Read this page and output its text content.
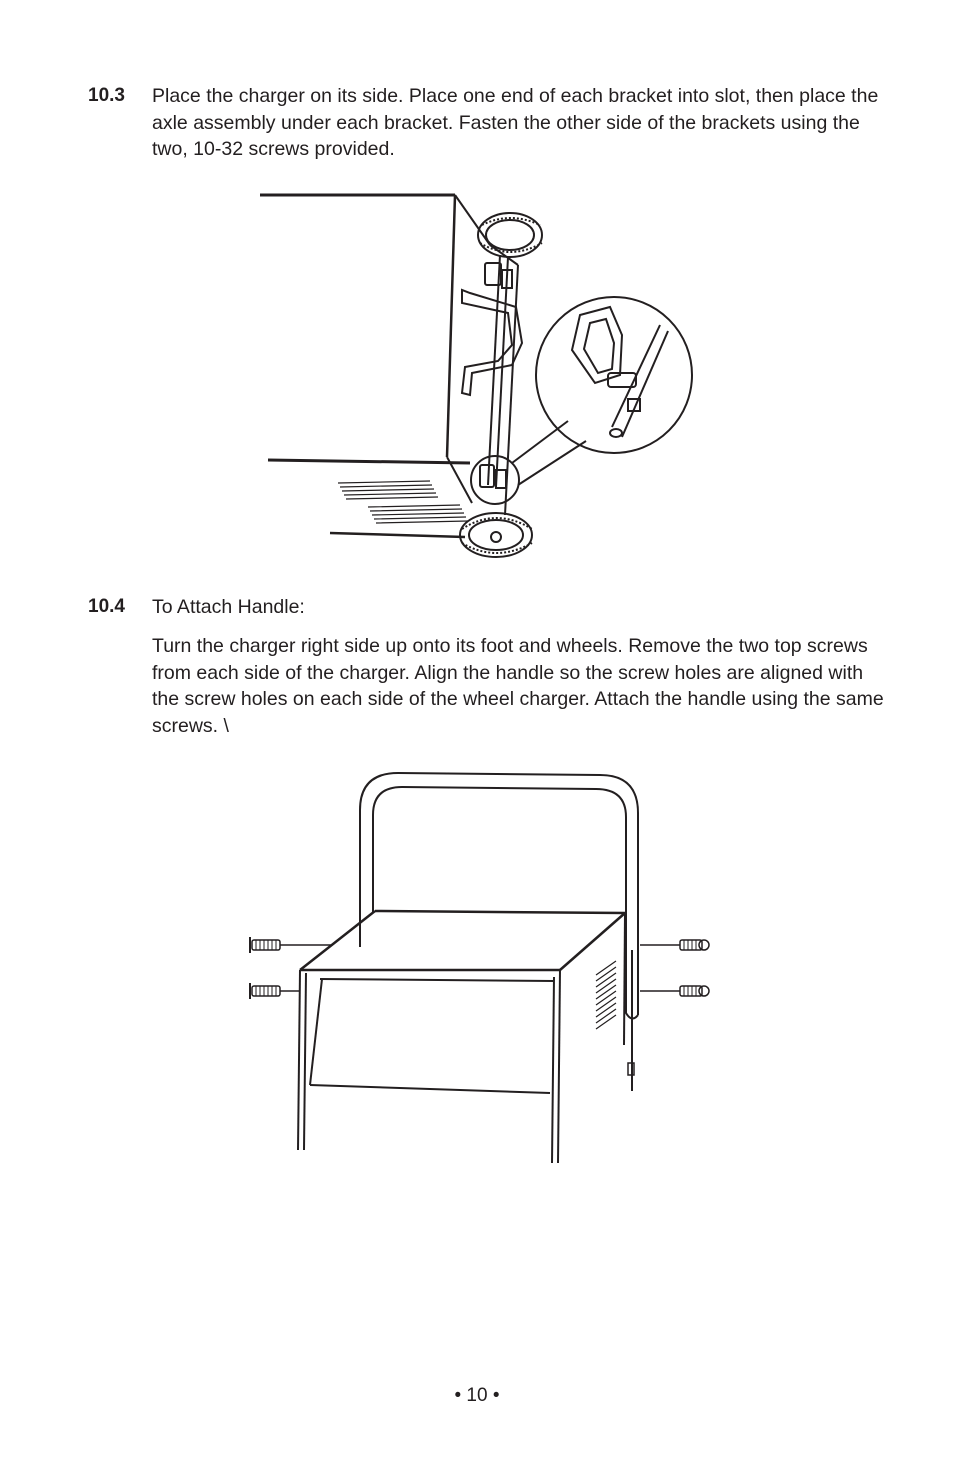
10.3 Place the charger on its side. Place one end of each bracket into slot, then place the axle assembly under each bracket. Fasten the other side of the brackets using the two, 10-32 screws provided.
10.4 To Attach Handle:
Turn the charger right side up onto its foot and wheels. Remove the two top screws from each side of the charger. Align the handle so the screw holes are aligned with the screw holes on each side of the wheel charger. Attach the handle using the same screws. \
• 10 •
